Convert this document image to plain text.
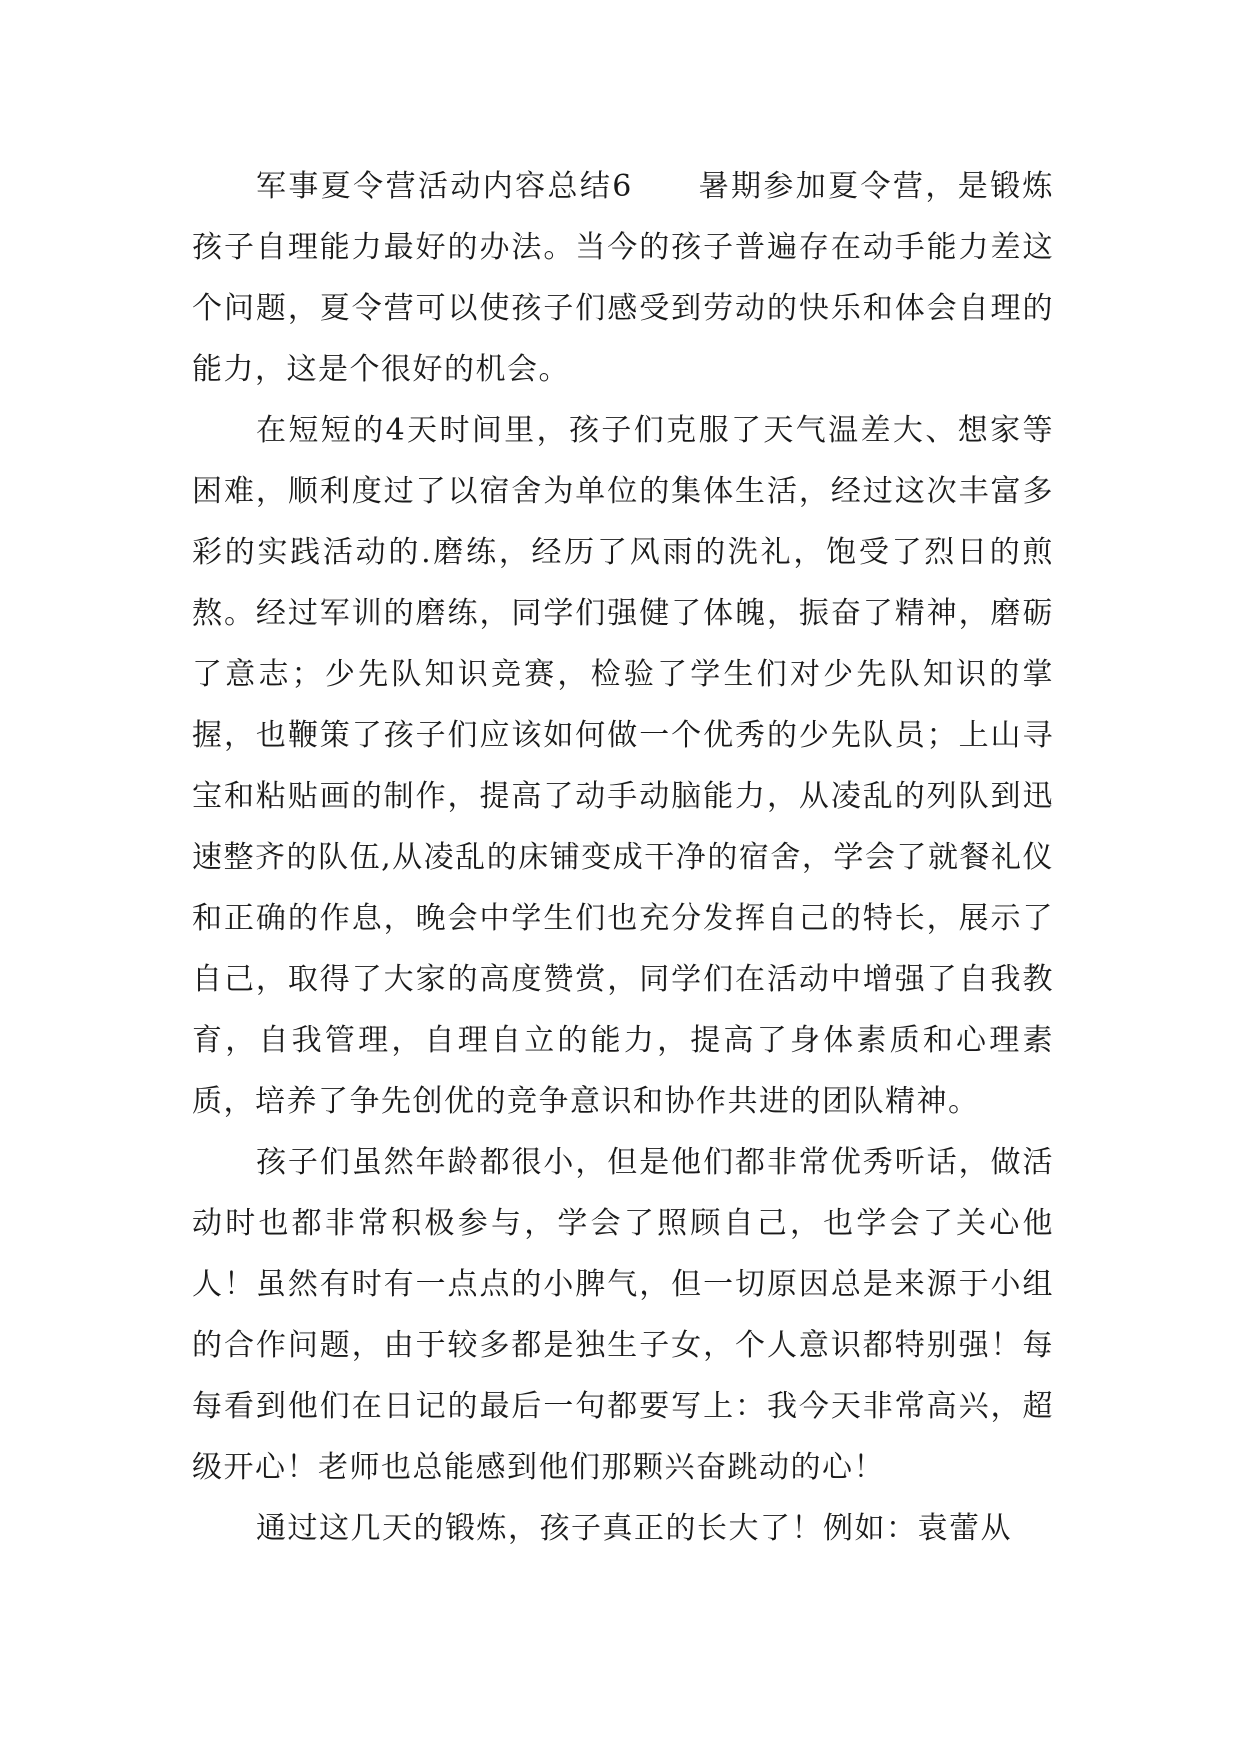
军事夏令营活动内容总结6　　暑期参加夏令营，是锻炼孩子自理能力最好的办法。当今的孩子普遍存在动手能力差这个问题，夏令营可以使孩子们感受到劳动的快乐和体会自理的能力，这是个很好的机会。

在短短的4天时间里，孩子们克服了天气温差大、想家等困难，顺利度过了以宿舍为单位的集体生活，经过这次丰富多彩的实践活动的.磨练，经历了风雨的洗礼，饱受了烈日的煎熬。经过军训的磨练，同学们强健了体魄，振奋了精神，磨砺了意志；少先队知识竞赛，检验了学生们对少先队知识的掌握，也鞭策了孩子们应该如何做一个优秀的少先队员；上山寻宝和粘贴画的制作，提高了动手动脑能力，从凌乱的列队到迅速整齐的队伍,从凌乱的床铺变成干净的宿舍，学会了就餐礼仪和正确的作息，晚会中学生们也充分发挥自己的特长，展示了自己，取得了大家的高度赞赏，同学们在活动中增强了自我教育，自我管理，自理自立的能力，提高了身体素质和心理素质，培养了争先创优的竞争意识和协作共进的团队精神。

孩子们虽然年龄都很小，但是他们都非常优秀听话，做活动时也都非常积极参与，学会了照顾自己，也学会了关心他人！虽然有时有一点点的小脾气，但一切原因总是来源于小组的合作问题，由于较多都是独生子女，个人意识都特别强！每每看到他们在日记的最后一句都要写上：我今天非常高兴，超级开心！老师也总能感到他们那颗兴奋跳动的心！

通过这几天的锻炼，孩子真正的长大了！例如：袁蕾从
